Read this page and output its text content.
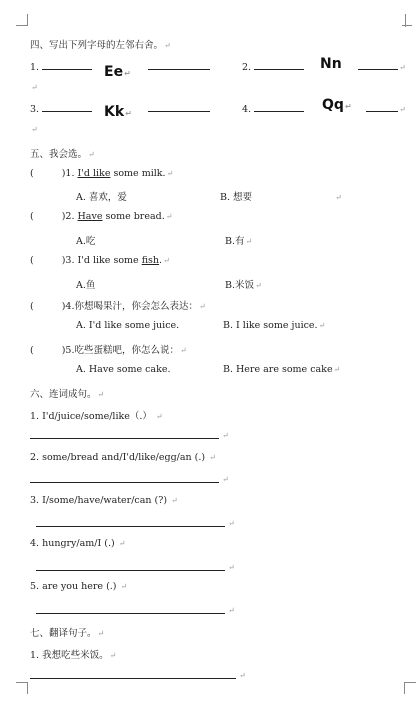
四、写出下列字母的左邻右舍。↵
1.	Ee↵
2.	Nn	↵
↵
3.	Kk↵	4.	Qq↵	↵
↵
五、我会选。↵
(	)1. I'd like some milk.↵
A. 喜欢，爱	B. 想要	↵
(	)2. Have some bread.↵
A.吃	B.有↵
(	)3. I'd like some fish.↵
A.鱼	B.米饭↵
(	)4.你想喝果汁，你会怎么表达：↵
A. I'd like some juice.	B. I like some juice.↵
(	)5.吃些蛋糕吧，你怎么说：↵
A. Have some cake.	B. Here are some cake↵
六、连词成句。↵
1. I'd/juice/some/like（.） ↵
↵
2. some/bread and/I'd/like/egg/an (.) ↵
↵
3. I/some/have/water/can (?) ↵
↵
4. hungry/am/I (.) ↵
↵
5. are you here (.) ↵
↵
七、翻译句子。↵
1. 我想吃些米饭。↵
↵
